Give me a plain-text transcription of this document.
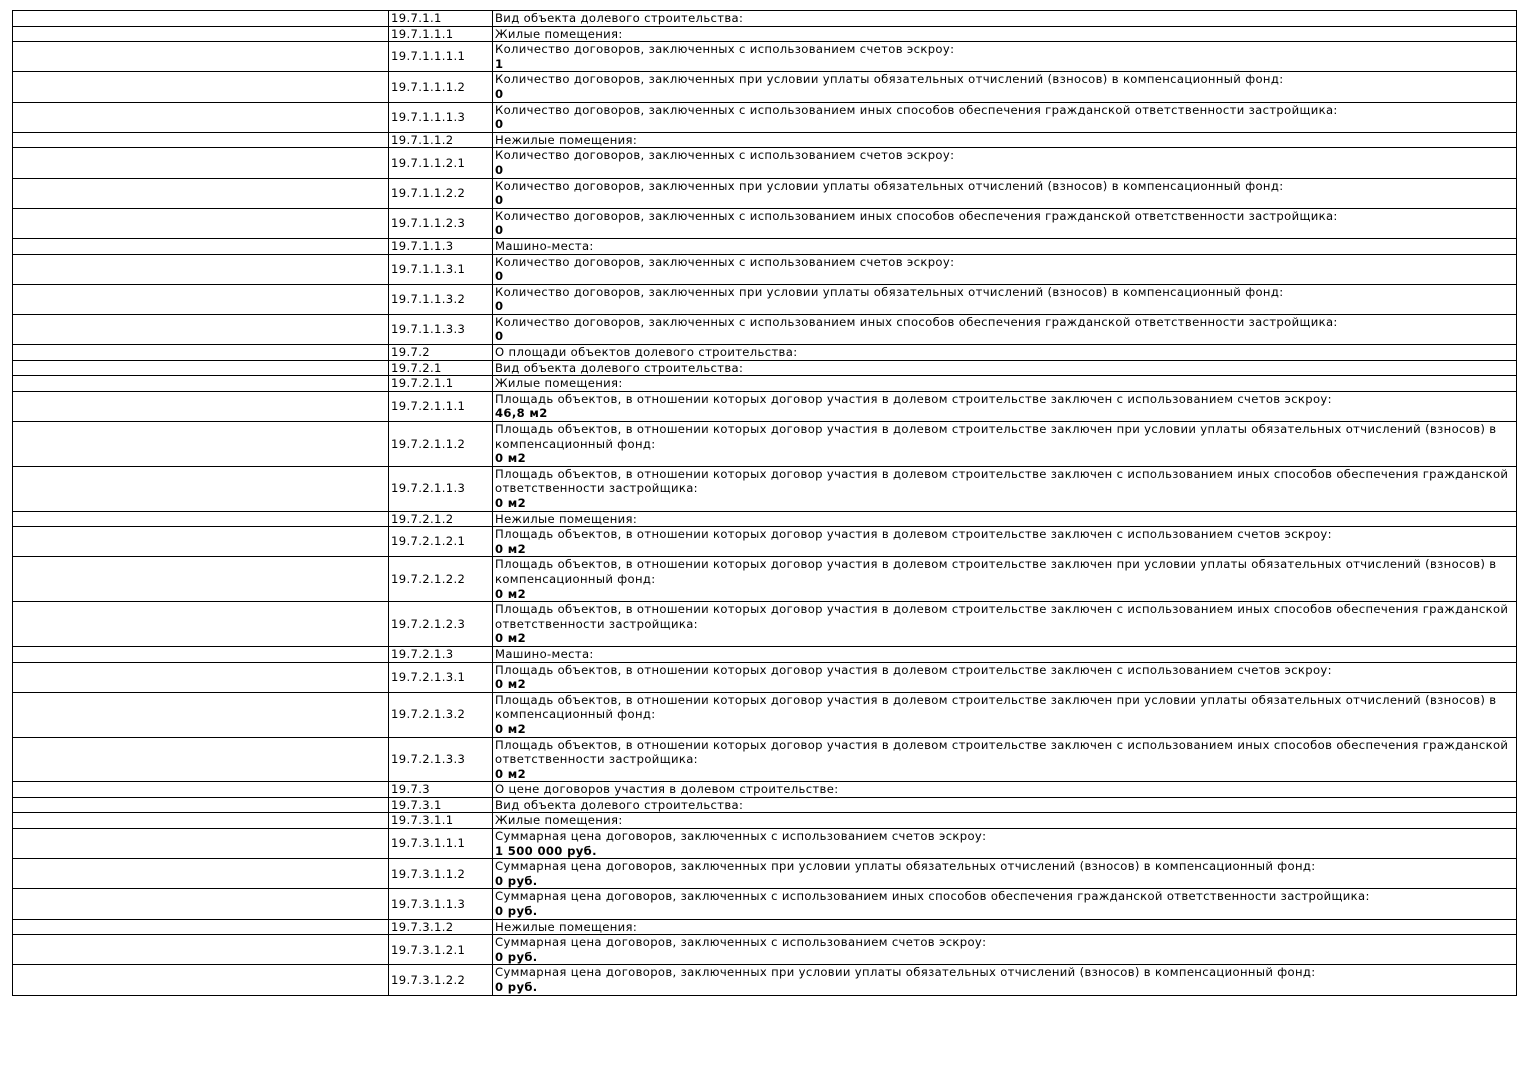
	19.7.1.1	Вид объекта долевого строительства:

	19.7.1.1.1	Жилые помещения:

	19.7.1.1.1.1	Количество договоров, заключенных с использованием счетов эскроу:
1

	19.7.1.1.1.2	Количество договоров, заключенных при условии уплаты обязательных отчислений (взносов) в компенсационный фонд:
0

	19.7.1.1.1.3	Количество договоров, заключенных с использованием иных способов обеспечения гражданской ответственности застройщика:
0

	19.7.1.1.2	Нежилые помещения:

	19.7.1.1.2.1	Количество договоров, заключенных с использованием счетов эскроу:
0

	19.7.1.1.2.2	Количество договоров, заключенных при условии уплаты обязательных отчислений (взносов) в компенсационный фонд:
0

	19.7.1.1.2.3	Количество договоров, заключенных с использованием иных способов обеспечения гражданской ответственности застройщика:
0

	19.7.1.1.3	Машино-места:

	19.7.1.1.3.1	Количество договоров, заключенных с использованием счетов эскроу:
0

	19.7.1.1.3.2	Количество договоров, заключенных при условии уплаты обязательных отчислений (взносов) в компенсационный фонд:
0

	19.7.1.1.3.3	Количество договоров, заключенных с использованием иных способов обеспечения гражданской ответственности застройщика:
0

	19.7.2	О площади объектов долевого строительства:

	19.7.2.1	Вид объекта долевого строительства:

	19.7.2.1.1	Жилые помещения:

	19.7.2.1.1.1	Площадь объектов, в отношении которых договор участия в долевом строительстве заключен с использованием счетов эскроу:
46,8 м2

	19.7.2.1.1.2	Площадь объектов, в отношении которых договор участия в долевом строительстве заключен при условии уплаты обязательных отчислений (взносов) в компенсационный фонд:
0 м2

	19.7.2.1.1.3	Площадь объектов, в отношении которых договор участия в долевом строительстве заключен с использованием иных способов обеспечения гражданской ответственности застройщика:
0 м2

	19.7.2.1.2	Нежилые помещения:

	19.7.2.1.2.1	Площадь объектов, в отношении которых договор участия в долевом строительстве заключен с использованием счетов эскроу:
0 м2

	19.7.2.1.2.2	Площадь объектов, в отношении которых договор участия в долевом строительстве заключен при условии уплаты обязательных отчислений (взносов) в компенсационный фонд:
0 м2

	19.7.2.1.2.3	Площадь объектов, в отношении которых договор участия в долевом строительстве заключен с использованием иных способов обеспечения гражданской ответственности застройщика:
0 м2

	19.7.2.1.3	Машино-места:

	19.7.2.1.3.1	Площадь объектов, в отношении которых договор участия в долевом строительстве заключен с использованием счетов эскроу:
0 м2

	19.7.2.1.3.2	Площадь объектов, в отношении которых договор участия в долевом строительстве заключен при условии уплаты обязательных отчислений (взносов) в компенсационный фонд:
0 м2

	19.7.2.1.3.3	Площадь объектов, в отношении которых договор участия в долевом строительстве заключен с использованием иных способов обеспечения гражданской ответственности застройщика:
0 м2

	19.7.3	О цене договоров участия в долевом строительстве:

	19.7.3.1	Вид объекта долевого строительства:

	19.7.3.1.1	Жилые помещения:

	19.7.3.1.1.1	Суммарная цена договоров, заключенных с использованием счетов эскроу:
1 500 000 руб.

	19.7.3.1.1.2	Суммарная цена договоров, заключенных при условии уплаты обязательных отчислений (взносов) в компенсационный фонд:
0 руб.

	19.7.3.1.1.3	Суммарная цена договоров, заключенных с использованием иных способов обеспечения гражданской ответственности застройщика:
0 руб.

	19.7.3.1.2	Нежилые помещения:

	19.7.3.1.2.1	Суммарная цена договоров, заключенных с использованием счетов эскроу:
0 руб.

	19.7.3.1.2.2	Суммарная цена договоров, заключенных при условии уплаты обязательных отчислений (взносов) в компенсационный фонд:
0 руб.
